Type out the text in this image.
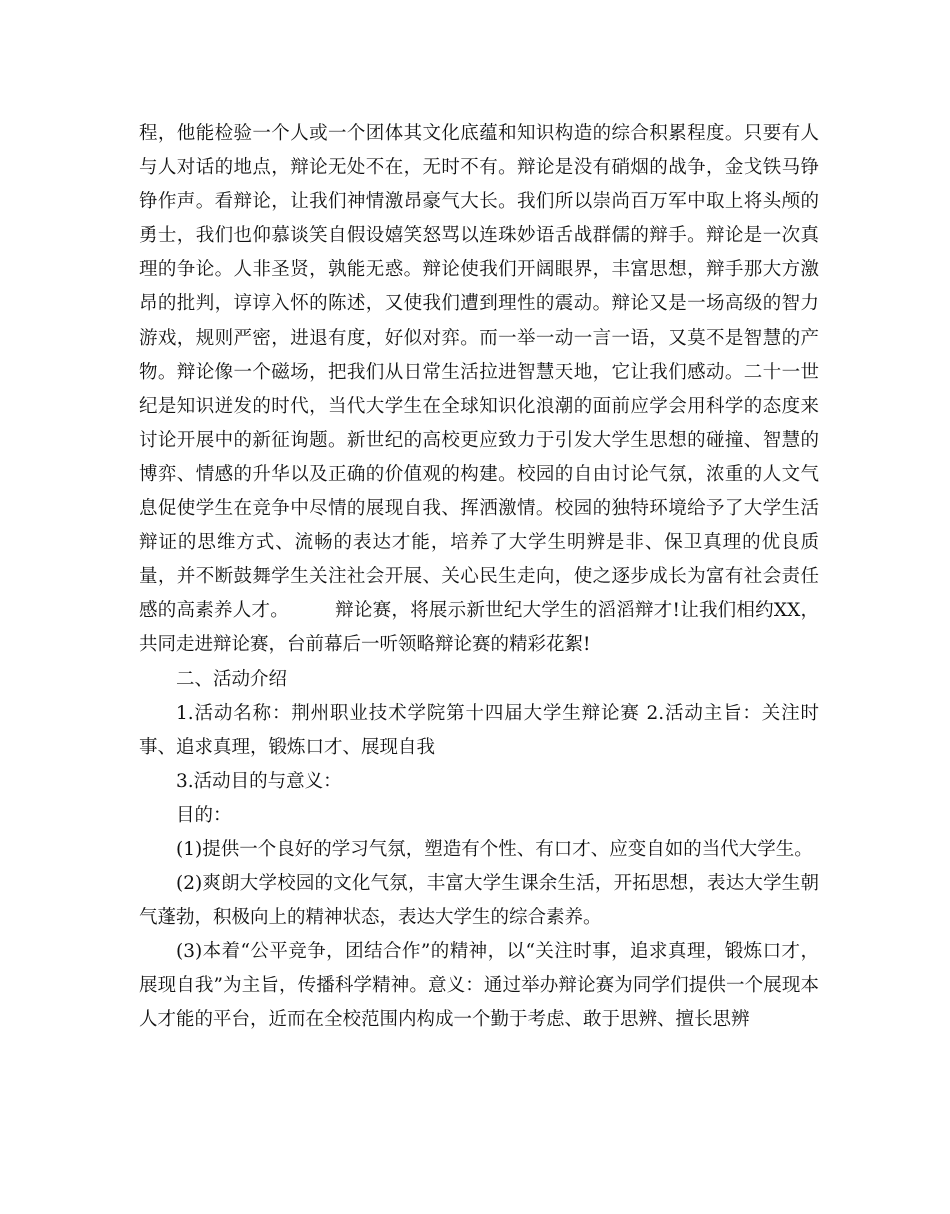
程，他能检验一个人或一个团体其文化底蕴和知识构造的综合积累程度。只要有人与人对话的地点，辩论无处不在，无时不有。辩论是没有硝烟的战争，金戈铁马铮铮作声。看辩论，让我们神情激昂豪气大长。我们所以崇尚百万军中取上将头颅的勇士，我们也仰慕谈笑自假设嬉笑怒骂以连珠妙语舌战群儒的辩手。辩论是一次真理的争论。人非圣贤，孰能无惑。辩论使我们开阔眼界，丰富思想，辩手那大方激昂的批判，谆谆入怀的陈述，又使我们遭到理性的震动。辩论又是一场高级的智力游戏，规则严密，进退有度，好似对弈。而一举一动一言一语，又莫不是智慧的产物。辩论像一个磁场，把我们从日常生活拉进智慧天地，它让我们感动。二十一世纪是知识迸发的时代，当代大学生在全球知识化浪潮的面前应学会用科学的态度来讨论开展中的新征询题。新世纪的高校更应致力于引发大学生思想的碰撞、智慧的博弈、情感的升华以及正确的价值观的构建。校园的自由讨论气氛，浓重的人文气息促使学生在竞争中尽情的展现自我、挥洒激情。校园的独特环境给予了大学生活辩证的思维方式、流畅的表达才能，培养了大学生明辨是非、保卫真理的优良质量，并不断鼓舞学生关注社会开展、关心民生走向，使之逐步成长为富有社会责任感的高素养人才。 辩论赛，将展示新世纪大学生的滔滔辩才!让我们相约XX，共同走进辩论赛，台前幕后一听领略辩论赛的精彩花絮!

二、活动介绍

1.活动名称：荆州职业技术学院第十四届大学生辩论赛 2.活动主旨：关注时事、追求真理，锻炼口才、展现自我

3.活动目的与意义：

目的：

(1)提供一个良好的学习气氛，塑造有个性、有口才、应变自如的当代大学生。

(2)爽朗大学校园的文化气氛，丰富大学生课余生活，开拓思想，表达大学生朝气蓬勃，积极向上的精神状态，表达大学生的综合素养。

(3)本着“公平竞争，团结合作”的精神，以“关注时事，追求真理，锻炼口才，展现自我”为主旨，传播科学精神。意义：通过举办辩论赛为同学们提供一个展现本人才能的平台，近而在全校范围内构成一个勤于考虑、敢于思辨、擅长思辨
